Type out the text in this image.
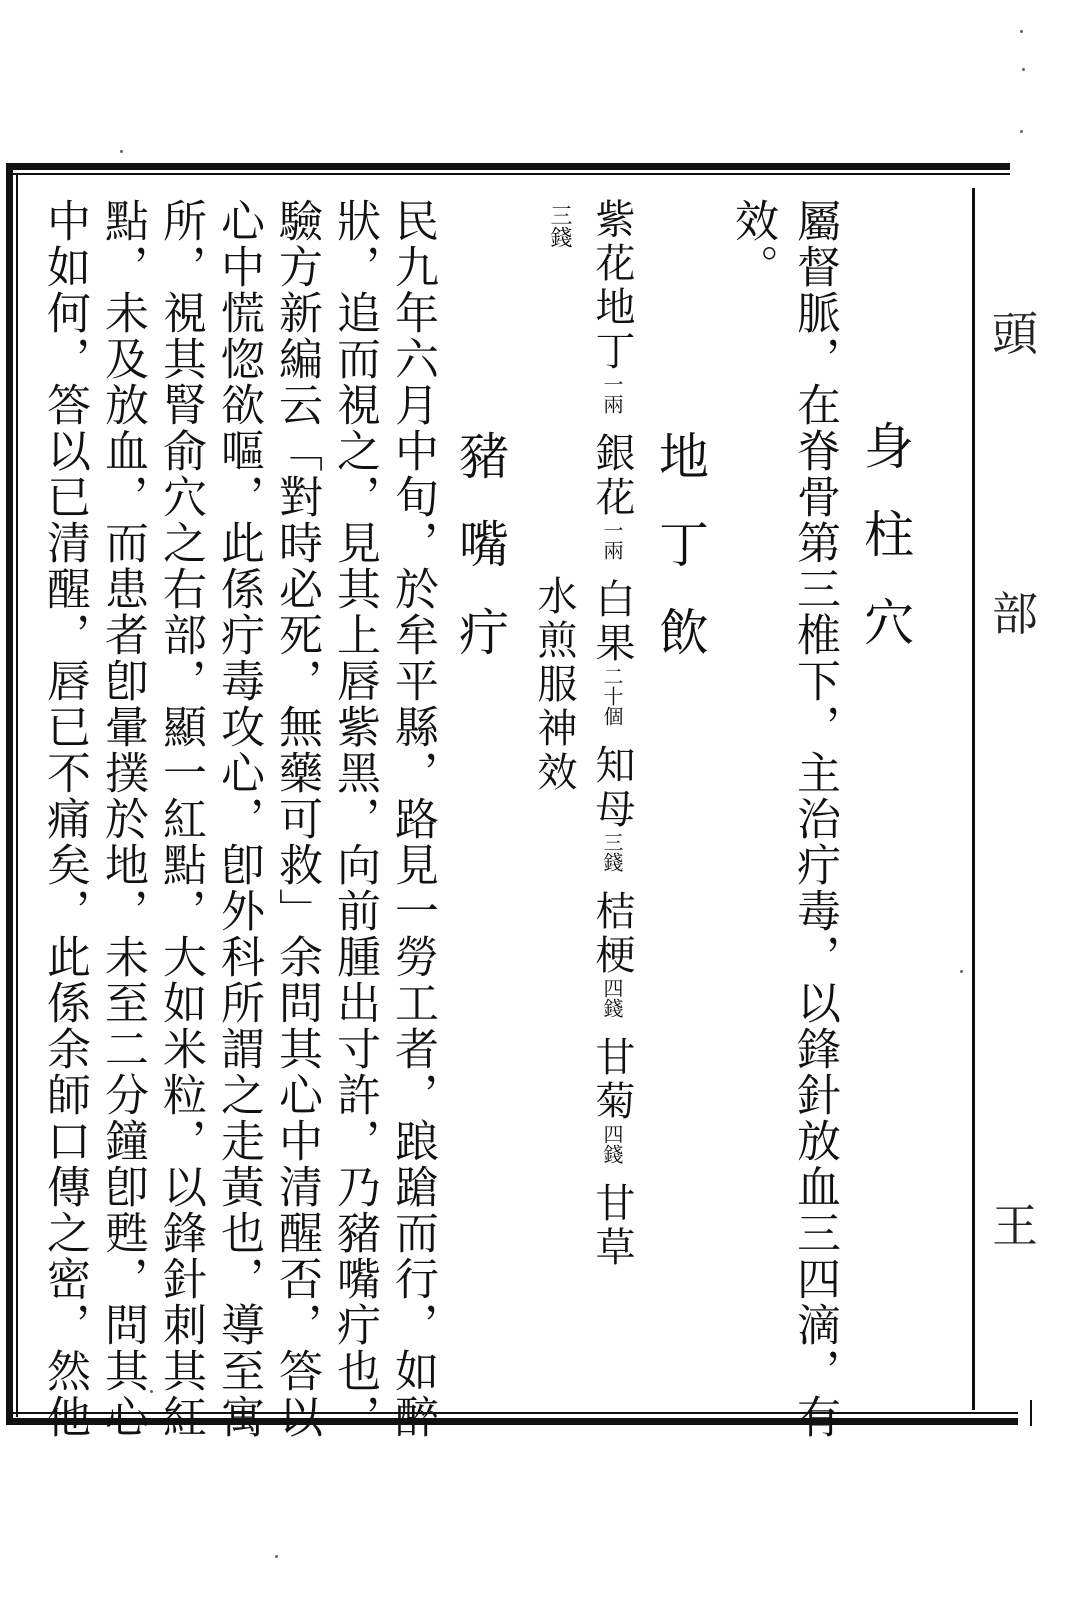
身柱穴
屬督脈，在脊骨第三椎下，主治疔毒，以鋒針放血三四滴，有
效。
地丁飲
紫花地丁一兩銀花一兩白果二十個知母三錢桔梗四錢甘菊四錢甘草
三錢
水煎服神效
豬嘴疔
民九年六月中旬，於牟平縣，路見一勞工者，踉蹌而行，如醉
狀，追而視之，見其上唇紫黑，向前腫出寸許，乃豬嘴疔也，
驗方新編云「對時必死，無藥可救」余問其心中清醒否，答以
心中慌惚欲嘔，此係疔毒攻心，卽外科所謂之走黃也，導至寓
所，視其腎俞穴之右部，顯一紅點，大如米粒，以鋒針刺其紅
點，未及放血，而患者卽暈撲於地，未至二分鐘卽甦，問其心
中如何，答以已清醒，唇已不痛矣，此係余師口傳之密，然他	頭
部
王
